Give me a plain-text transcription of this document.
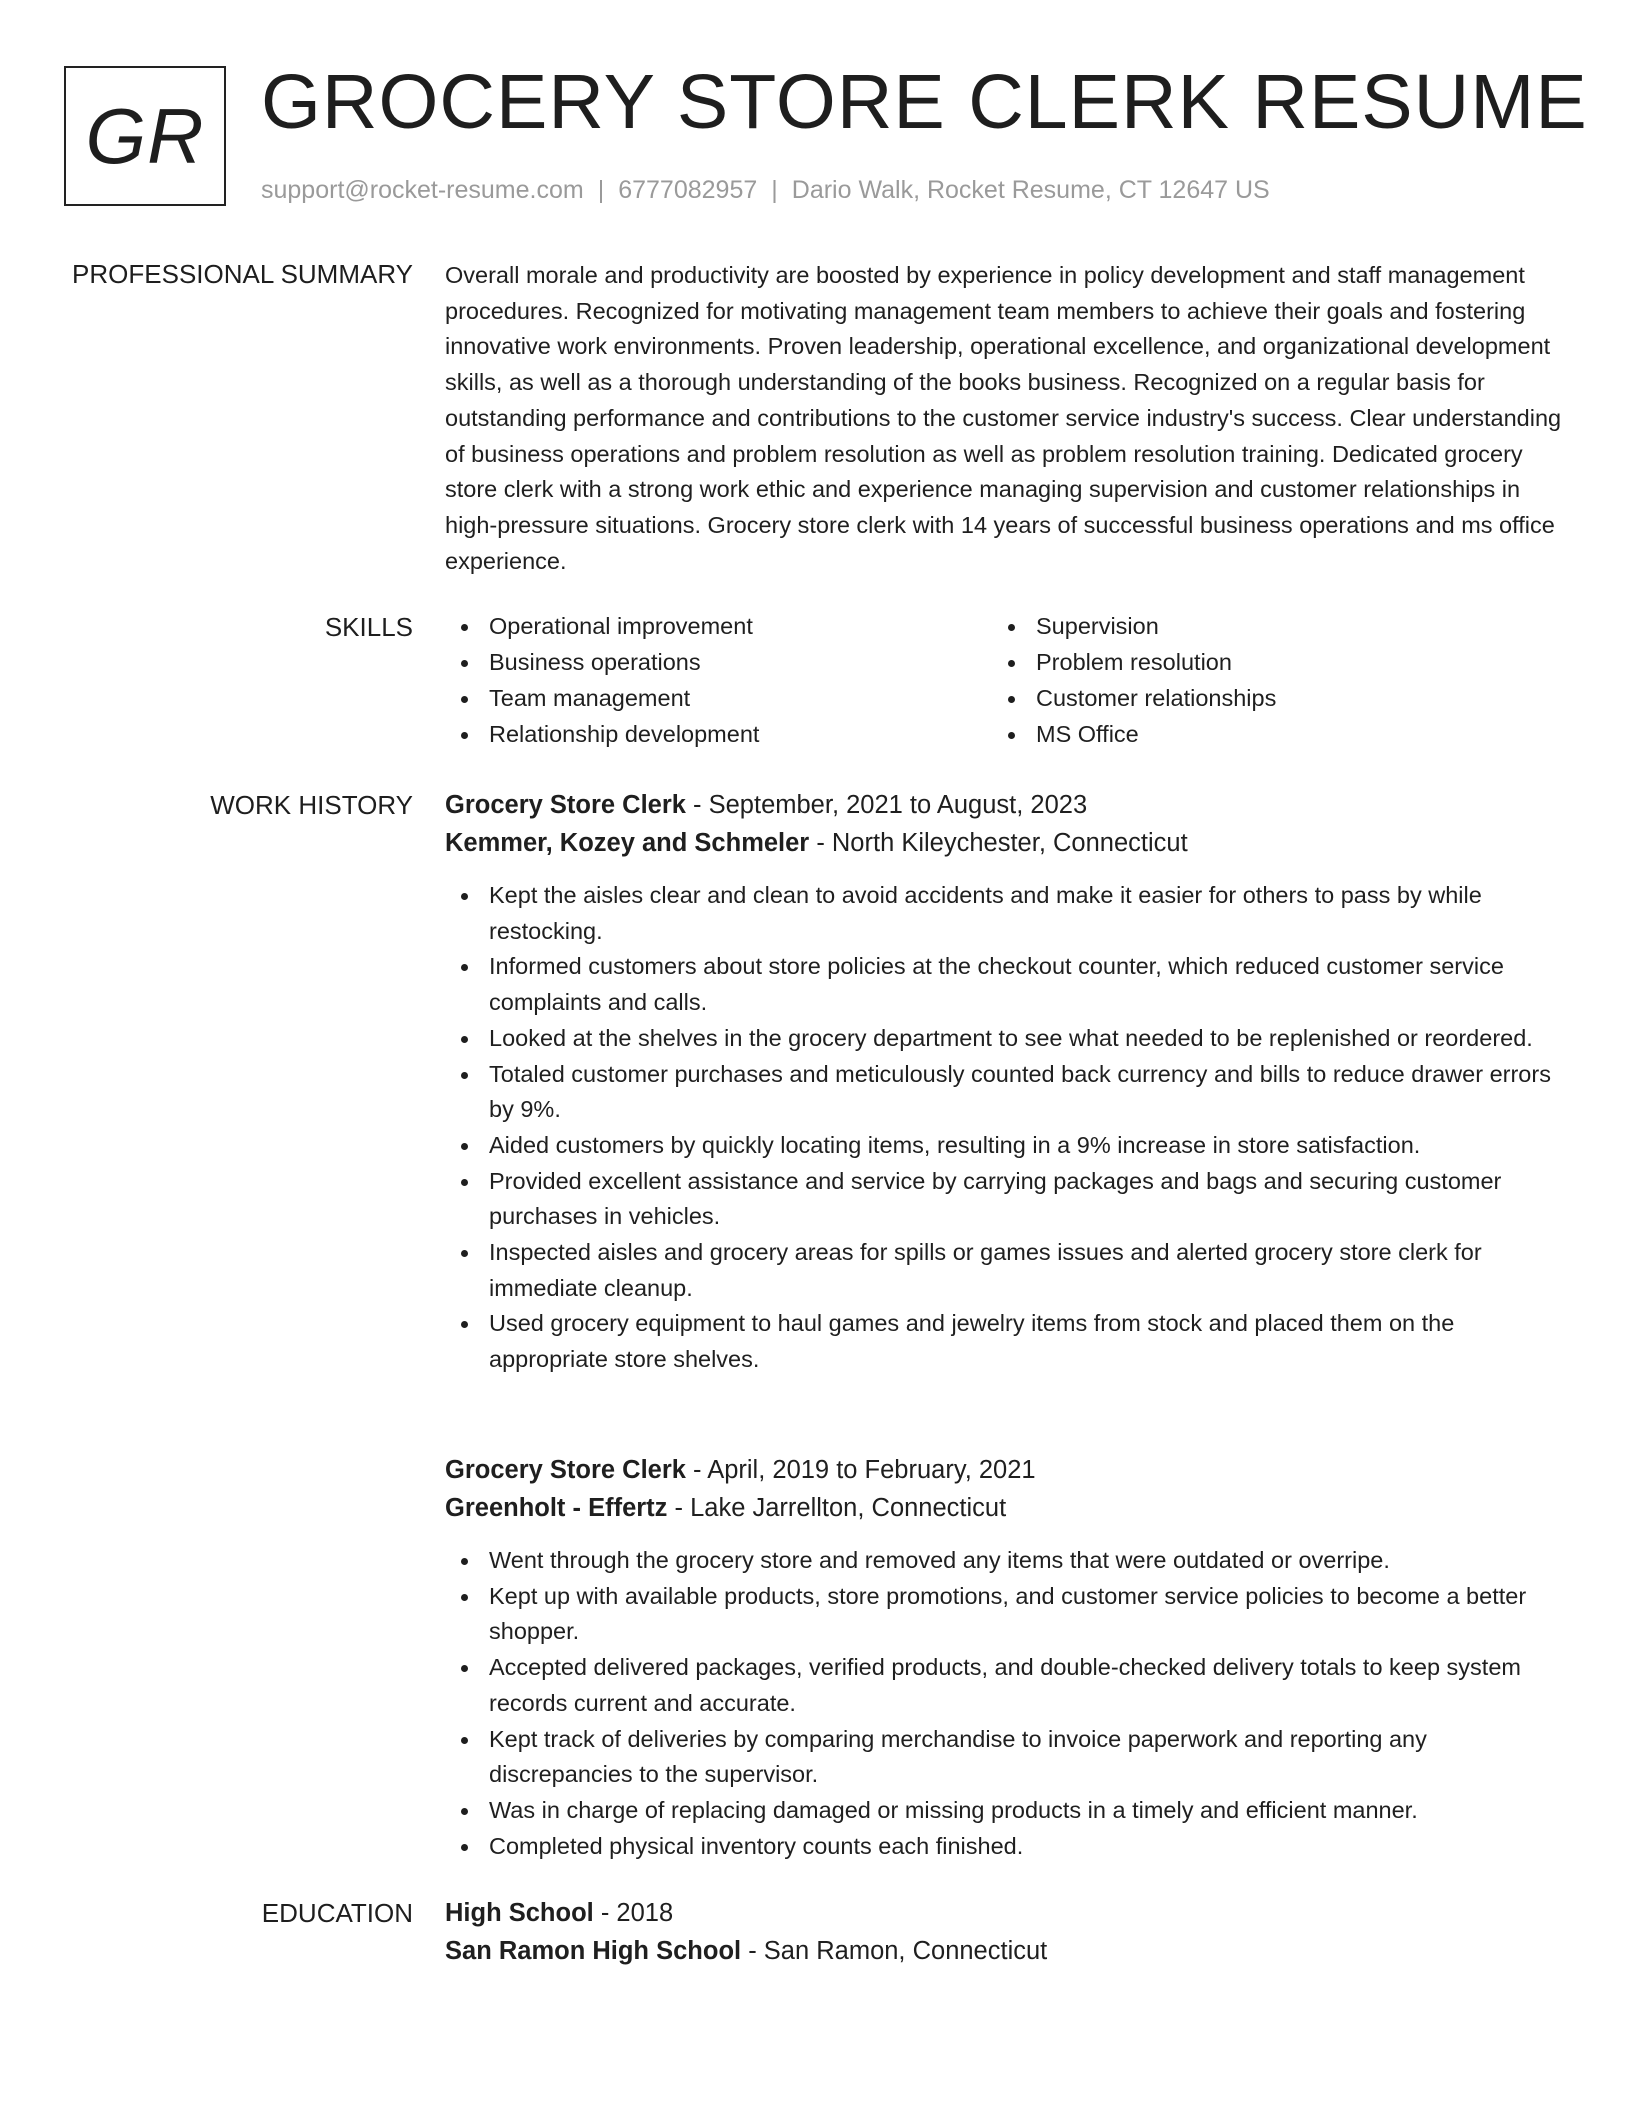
GR GROCERY STORE CLERK RESUME
support@rocket-resume.com | 6777082957 | Dario Walk, Rocket Resume, CT 12647 US
PROFESSIONAL SUMMARY Overall morale and productivity are boosted by experience in policy development and staff management procedures. Recognized for motivating management team members to achieve their goals and fostering innovative work environments. Proven leadership, operational excellence, and organizational development skills, as well as a thorough understanding of the books business. Recognized on a regular basis for outstanding performance and contributions to the customer service industry's success. Clear understanding of business operations and problem resolution as well as problem resolution training. Dedicated grocery store clerk with a strong work ethic and experience managing supervision and customer relationships in high-pressure situations. Grocery store clerk with 14 years of successful business operations and ms office experience.

SKILLS	Operational improvement
Business operations
Team management
Relationship development
Supervision
Problem resolution
Customer relationships
MS Office
WORK HISTORY Grocery Store Clerk - September, 2021 to August, 2023
Kemmer, Kozey and Schmeler - North Kileychester, Connecticut
Kept the aisles clear and clean to avoid accidents and make it easier for others to pass by while restocking.
Informed customers about store policies at the checkout counter, which reduced customer service complaints and calls.
Looked at the shelves in the grocery department to see what needed to be replenished or reordered.
Totaled customer purchases and meticulously counted back currency and bills to reduce drawer errors by 9%.
Aided customers by quickly locating items, resulting in a 9% increase in store satisfaction.
Provided excellent assistance and service by carrying packages and bags and securing customer purchases in vehicles.
Inspected aisles and grocery areas for spills or games issues and alerted grocery store clerk for immediate cleanup.
Used grocery equipment to haul games and jewelry items from stock and placed them on the appropriate store shelves.
Grocery Store Clerk - April, 2019 to February, 2021
Greenholt - Effertz - Lake Jarrellton, Connecticut
Went through the grocery store and removed any items that were outdated or overripe.
Kept up with available products, store promotions, and customer service policies to become a better shopper.
Accepted delivered packages, verified products, and double-checked delivery totals to keep system records current and accurate.
Kept track of deliveries by comparing merchandise to invoice paperwork and reporting any discrepancies to the supervisor.
Was in charge of replacing damaged or missing products in a timely and efficient manner.
Completed physical inventory counts each finished.
EDUCATION High School - 2018
San Ramon High School - San Ramon, Connecticut
